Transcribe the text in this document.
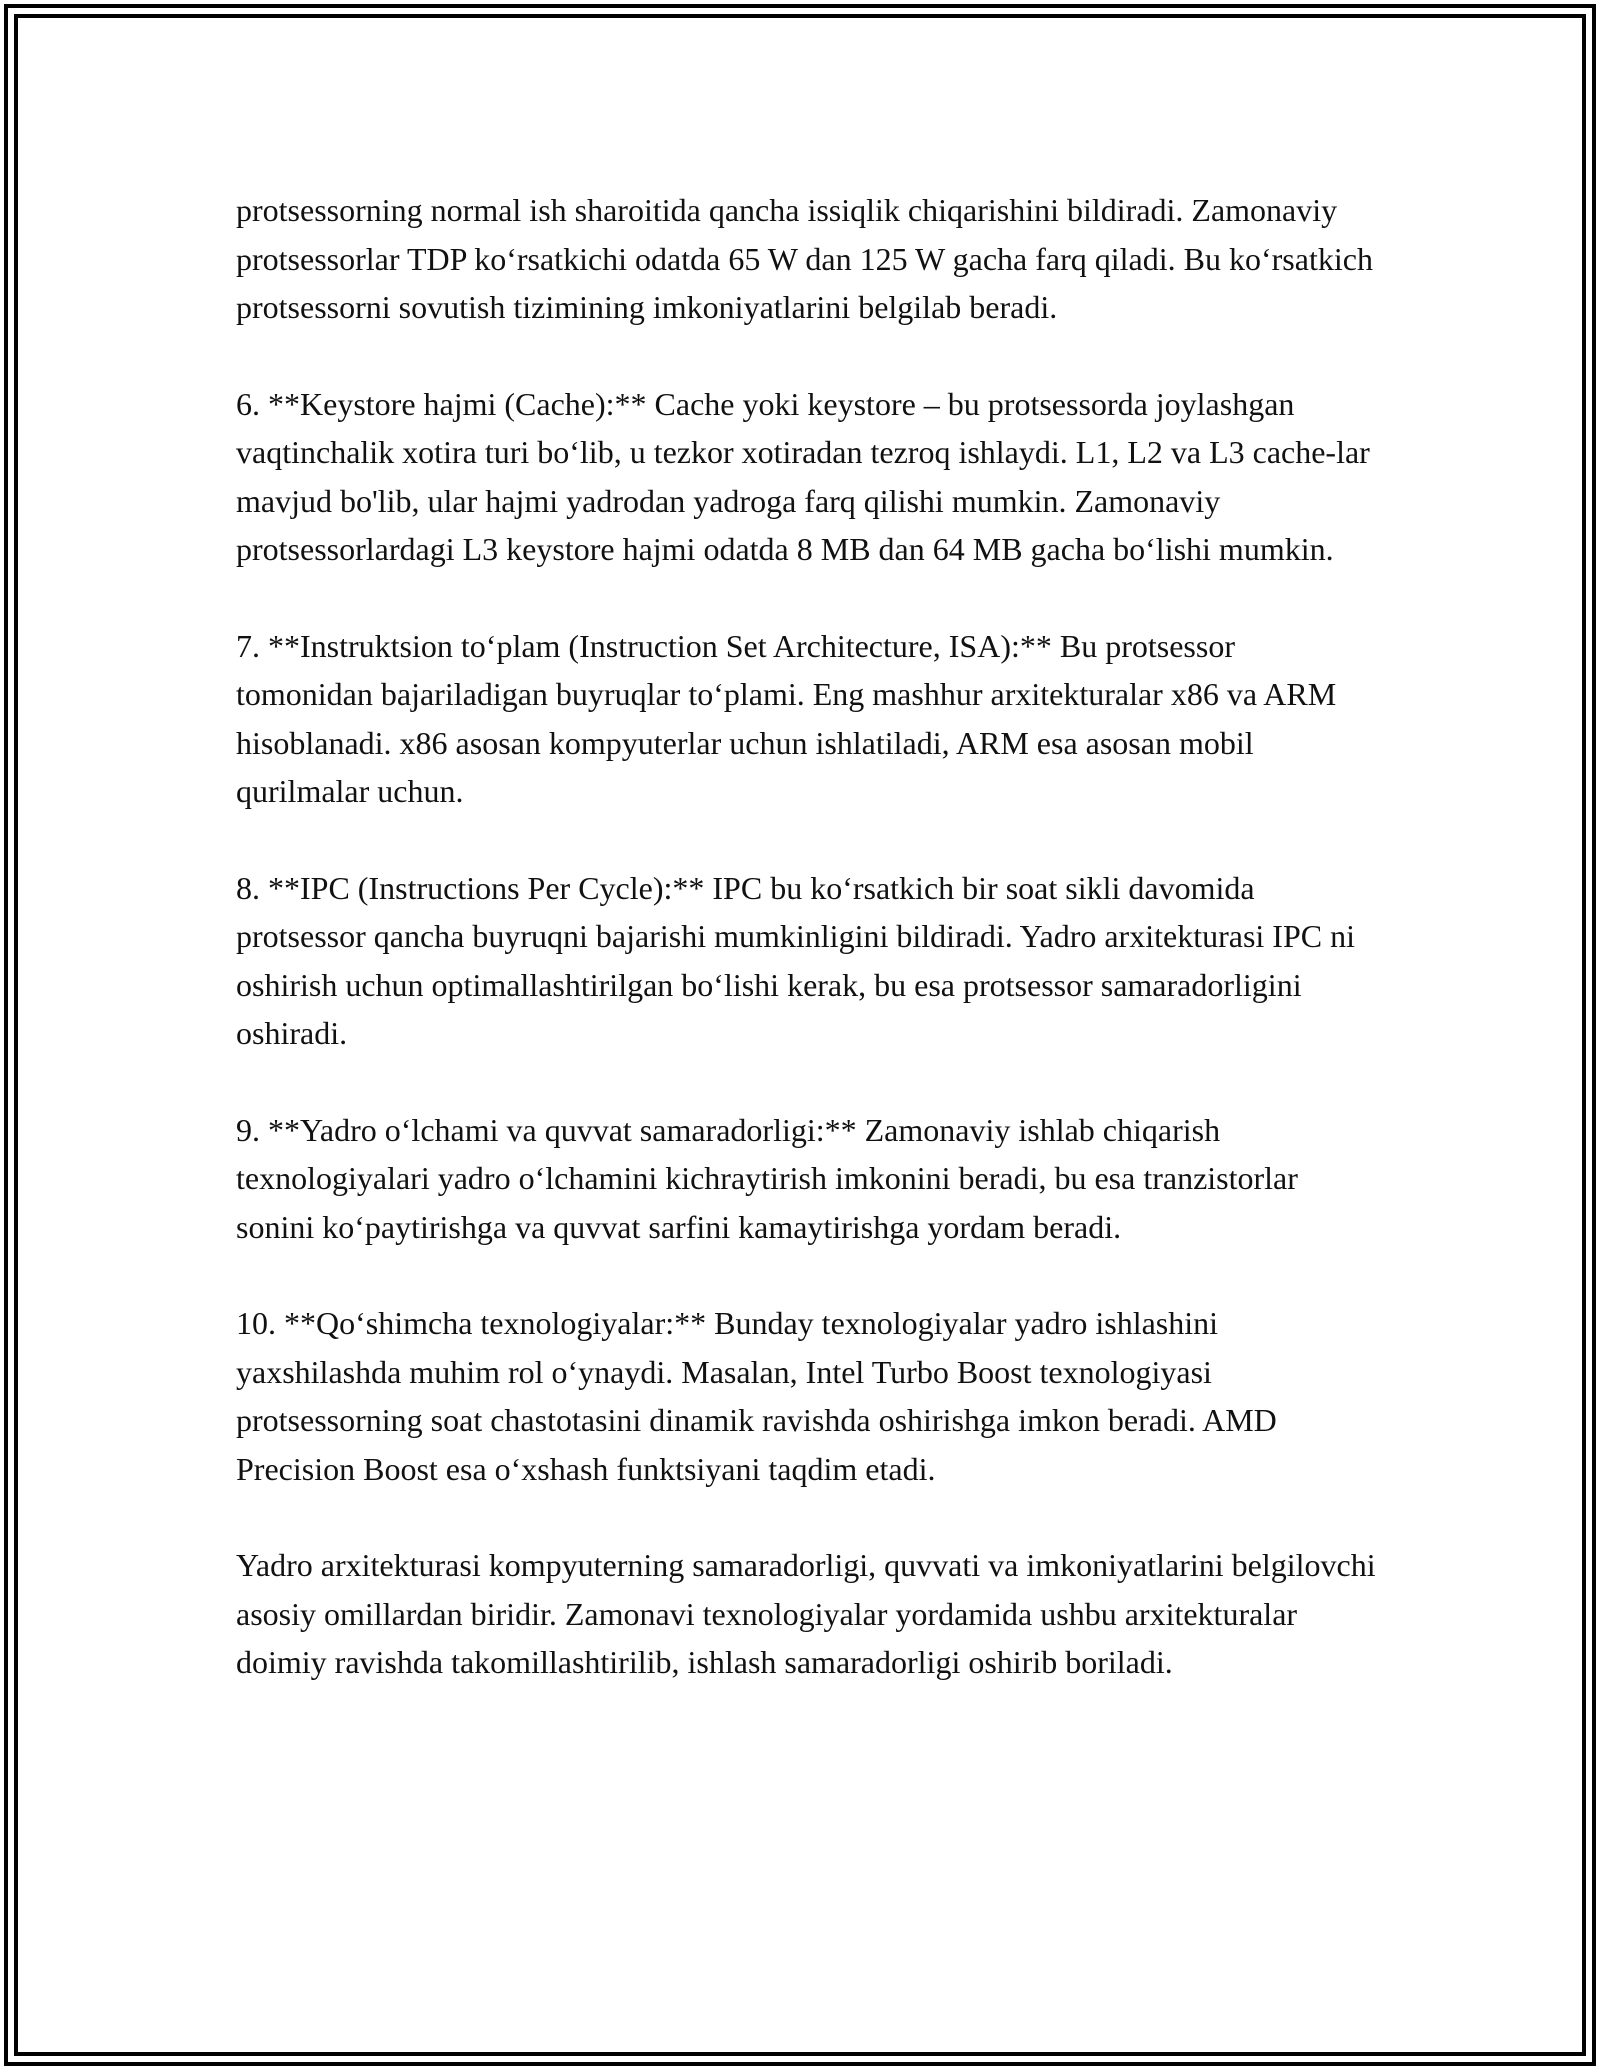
protsessorning normal ish sharoitida qancha issiqlik chiqarishini bildiradi. Zamonaviy protsessorlar TDP ko‘rsatkichi odatda 65 W dan 125 W gacha farq qiladi. Bu ko‘rsatkich protsessorni sovutish tizimining imkoniyatlarini belgilab beradi.

6. **Keystore hajmi (Cache):** Cache yoki keystore – bu protsessorda joylashgan vaqtinchalik xotira turi bo‘lib, u tezkor xotiradan tezroq ishlaydi. L1, L2 va L3 cache-lar mavjud bo'lib, ular hajmi yadrodan yadroga farq qilishi mumkin. Zamonaviy protsessorlardagi L3 keystore hajmi odatda 8 MB dan 64 MB gacha bo‘lishi mumkin.

7. **Instruktsion to‘plam (Instruction Set Architecture, ISA):** Bu protsessor tomonidan bajariladigan buyruqlar to‘plami. Eng mashhur arxitekturalar x86 va ARM hisoblanadi. x86 asosan kompyuterlar uchun ishlatiladi, ARM esa asosan mobil qurilmalar uchun.

8. **IPC (Instructions Per Cycle):** IPC bu ko‘rsatkich bir soat sikli davomida protsessor qancha buyruqni bajarishi mumkinligini bildiradi. Yadro arxitekturasi IPC ni oshirish uchun optimallashtirilgan bo‘lishi kerak, bu esa protsessor samaradorligini oshiradi.

9. **Yadro o‘lchami va quvvat samaradorligi:** Zamonaviy ishlab chiqarish texnologiyalari yadro o‘lchamini kichraytirish imkonini beradi, bu esa tranzistorlar sonini ko‘paytirishga va quvvat sarfini kamaytirishga yordam beradi.

10. **Qo‘shimcha texnologiyalar:** Bunday texnologiyalar yadro ishlashini yaxshilashda muhim rol o‘ynaydi. Masalan, Intel Turbo Boost texnologiyasi protsessorning soat chastotasini dinamik ravishda oshirishga imkon beradi. AMD Precision Boost esa o‘xshash funktsiyani taqdim etadi.

Yadro arxitekturasi kompyuterning samaradorligi, quvvati va imkoniyatlarini belgilovchi asosiy omillardan biridir. Zamonavi texnologiyalar yordamida ushbu arxitekturalar doimiy ravishda takomillashtirilib, ishlash samaradorligi oshirib boriladi.
